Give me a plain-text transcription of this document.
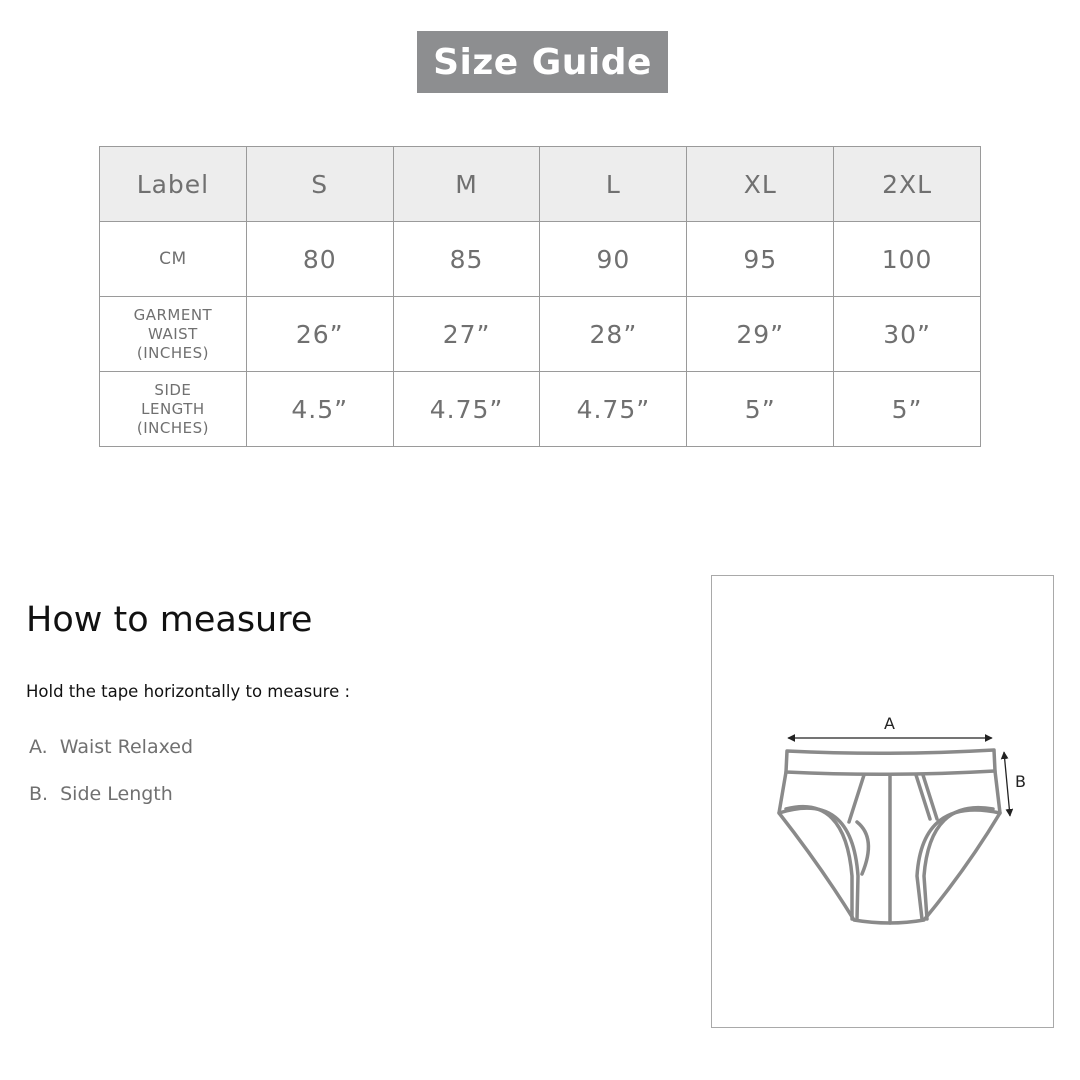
Size Guide
Label	S	M	L	XL	2XL
CM	80	85	90	95	100
GARMENT
WAIST
(INCHES)	26”	27”	28”	29”	30”
SIDE
LENGTH
(INCHES)	4.5”	4.75”	4.75”	5”	5”
How to measure

Hold the tape horizontally to measure :

A. Waist Relaxed
B. Side Length
A
B
